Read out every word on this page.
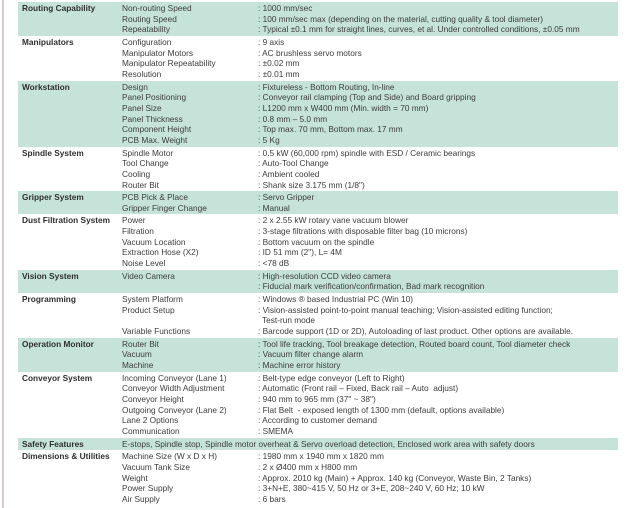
Routing Capability	Non-routing Speed	: 1000 mm/sec
Routing Speed	: 100 mm/sec max (depending on the material, cutting quality & tool diameter)
Repeatability	: Typical ±0.1 mm for straight lines, curves, et al. Under controlled conditions, ±0.05 mm
Manipulators	Configuration	: 9 axis
Manipulator Motors	: AC brushless servo motors
Manipulator Repeatability	: ±0.02 mm
Resolution	: ±0.01 mm
Workstation	Design	: Fixtureless - Bottom Routing, In-line
Panel Positioning	: Conveyor rail clamping (Top and Side) and Board gripping
Panel Size	: L1200 mm x W400 mm (Min. width = 70 mm)
Panel Thickness	: 0.8 mm – 5.0 mm
Component Height	: Top max. 70 mm, Bottom max. 17 mm
PCB Max. Weight	: 5 Kg
Spindle System	Spindle Motor	: 0.5 kW (60,000 rpm) spindle with ESD / Ceramic bearings
Tool Change	: Auto-Tool Change
Cooling	: Ambient cooled
Router Bit	: Shank size 3.175 mm (1/8")
Gripper System	PCB Pick & Place	: Servo Gripper
Gripper Finger Change	: Manual
Dust Filtration System	Power	: 2 x 2.55 kW rotary vane vacuum blower
Filtration	: 3-stage filtrations with disposable filter bag (10 microns)
Vacuum Location	: Bottom vacuum on the spindle
Extraction Hose (X2)	: ID 51 mm (2"), L= 4M
Noise Level	: <78 dB
Vision System	Video Camera	: High-resolution CCD video camera
: Fiducial mark verification/confirmation, Bad mark recognition
Programming	System Platform	: Windows ® based Industrial PC (Win 10)
Product Setup	: Vision-assisted point-to-point manual teaching; Vision-assisted editing function;
Test-run mode
Variable Functions	: Barcode support (1D or 2D), Autoloading of last product. Other options are available.
Operation Monitor	Router Bit	: Tool life tracking, Tool breakage detection, Routed board count, Tool diameter check
Vacuum	: Vacuum filter change alarm
Machine	: Machine error history
Conveyor System	Incoming Conveyor (Lane 1)	: Belt-type edge conveyor (Left to Right)
Conveyor Width Adjustment	: Automatic (Front rail – Fixed, Back rail – Auto  adjust)
Conveyor Height	: 940 mm to 965 mm (37" ~ 38")
Outgoing Conveyor (Lane 2)	: Flat Belt  - exposed length of 1300 mm (default, options available)
Lane 2 Options	: According to customer demand
Communication	: SMEMA
Safety Features	E-stops, Spindle stop, Spindle motor overheat & Servo overload detection, Enclosed work area with safety doors
Dimensions & Utilities	Machine Size (W x D x H)	: 1980 mm x 1940 mm x 1820 mm
Vacuum Tank Size	: 2 x Ø400 mm x H800 mm
Weight	: Approx. 2010 kg (Main) + Approx. 140 kg (Conveyor, Waste Bin, 2 Tanks)
Power Supply	: 3+N+E, 380~415 V, 50 Hz or 3+E, 208~240 V, 60 Hz; 10 kW
Air Supply	: 6 bars
